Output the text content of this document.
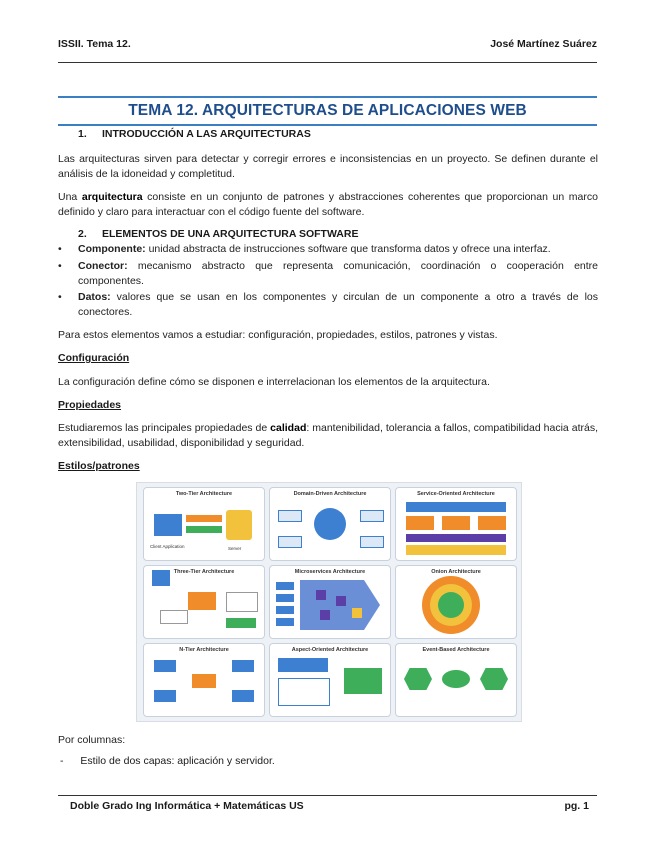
ISSII. Tema 12.	José Martínez Suárez
TEMA 12. ARQUITECTURAS DE APLICACIONES WEB
1. INTRODUCCIÓN A LAS ARQUITECTURAS
Las arquitecturas sirven para detectar y corregir errores e inconsistencias en un proyecto. Se definen durante el análisis de la idoneidad y completitud.
Una arquitectura consiste en un conjunto de patrones y abstracciones coherentes que proporcionan un marco definido y claro para interactuar con el código fuente del software.
2. ELEMENTOS DE UNA ARQUITECTURA SOFTWARE
• Componente: unidad abstracta de instrucciones software que transforma datos y ofrece una interfaz.
• Conector: mecanismo abstracto que representa comunicación, coordinación o cooperación entre componentes.
• Datos: valores que se usan en los componentes y circulan de un componente a otro a través de los conectores.
Para estos elementos vamos a estudiar: configuración, propiedades, estilos, patrones y vistas.
Configuración
La configuración define cómo se disponen e interrelacionan los elementos de la arquitectura.
Propiedades
Estudiaremos las principales propiedades de calidad: mantenibilidad, tolerancia a fallos, compatibilidad hacia atrás, extensibilidad, usabilidad, disponibilidad y seguridad.
Estilos/patrones
Two-Tier Architecture
Client Application	Server
Domain-Driven Architecture	Service-Oriented Architecture
Three-Tier Architecture	Microservices Architecture	Onion Architecture
N-Tier Architecture	Aspect-Oriented Architecture	Event-Based Architecture
Por columnas:
- Estilo de dos capas: aplicación y servidor.
Doble Grado Ing Informática + Matemáticas US	pg. 1
